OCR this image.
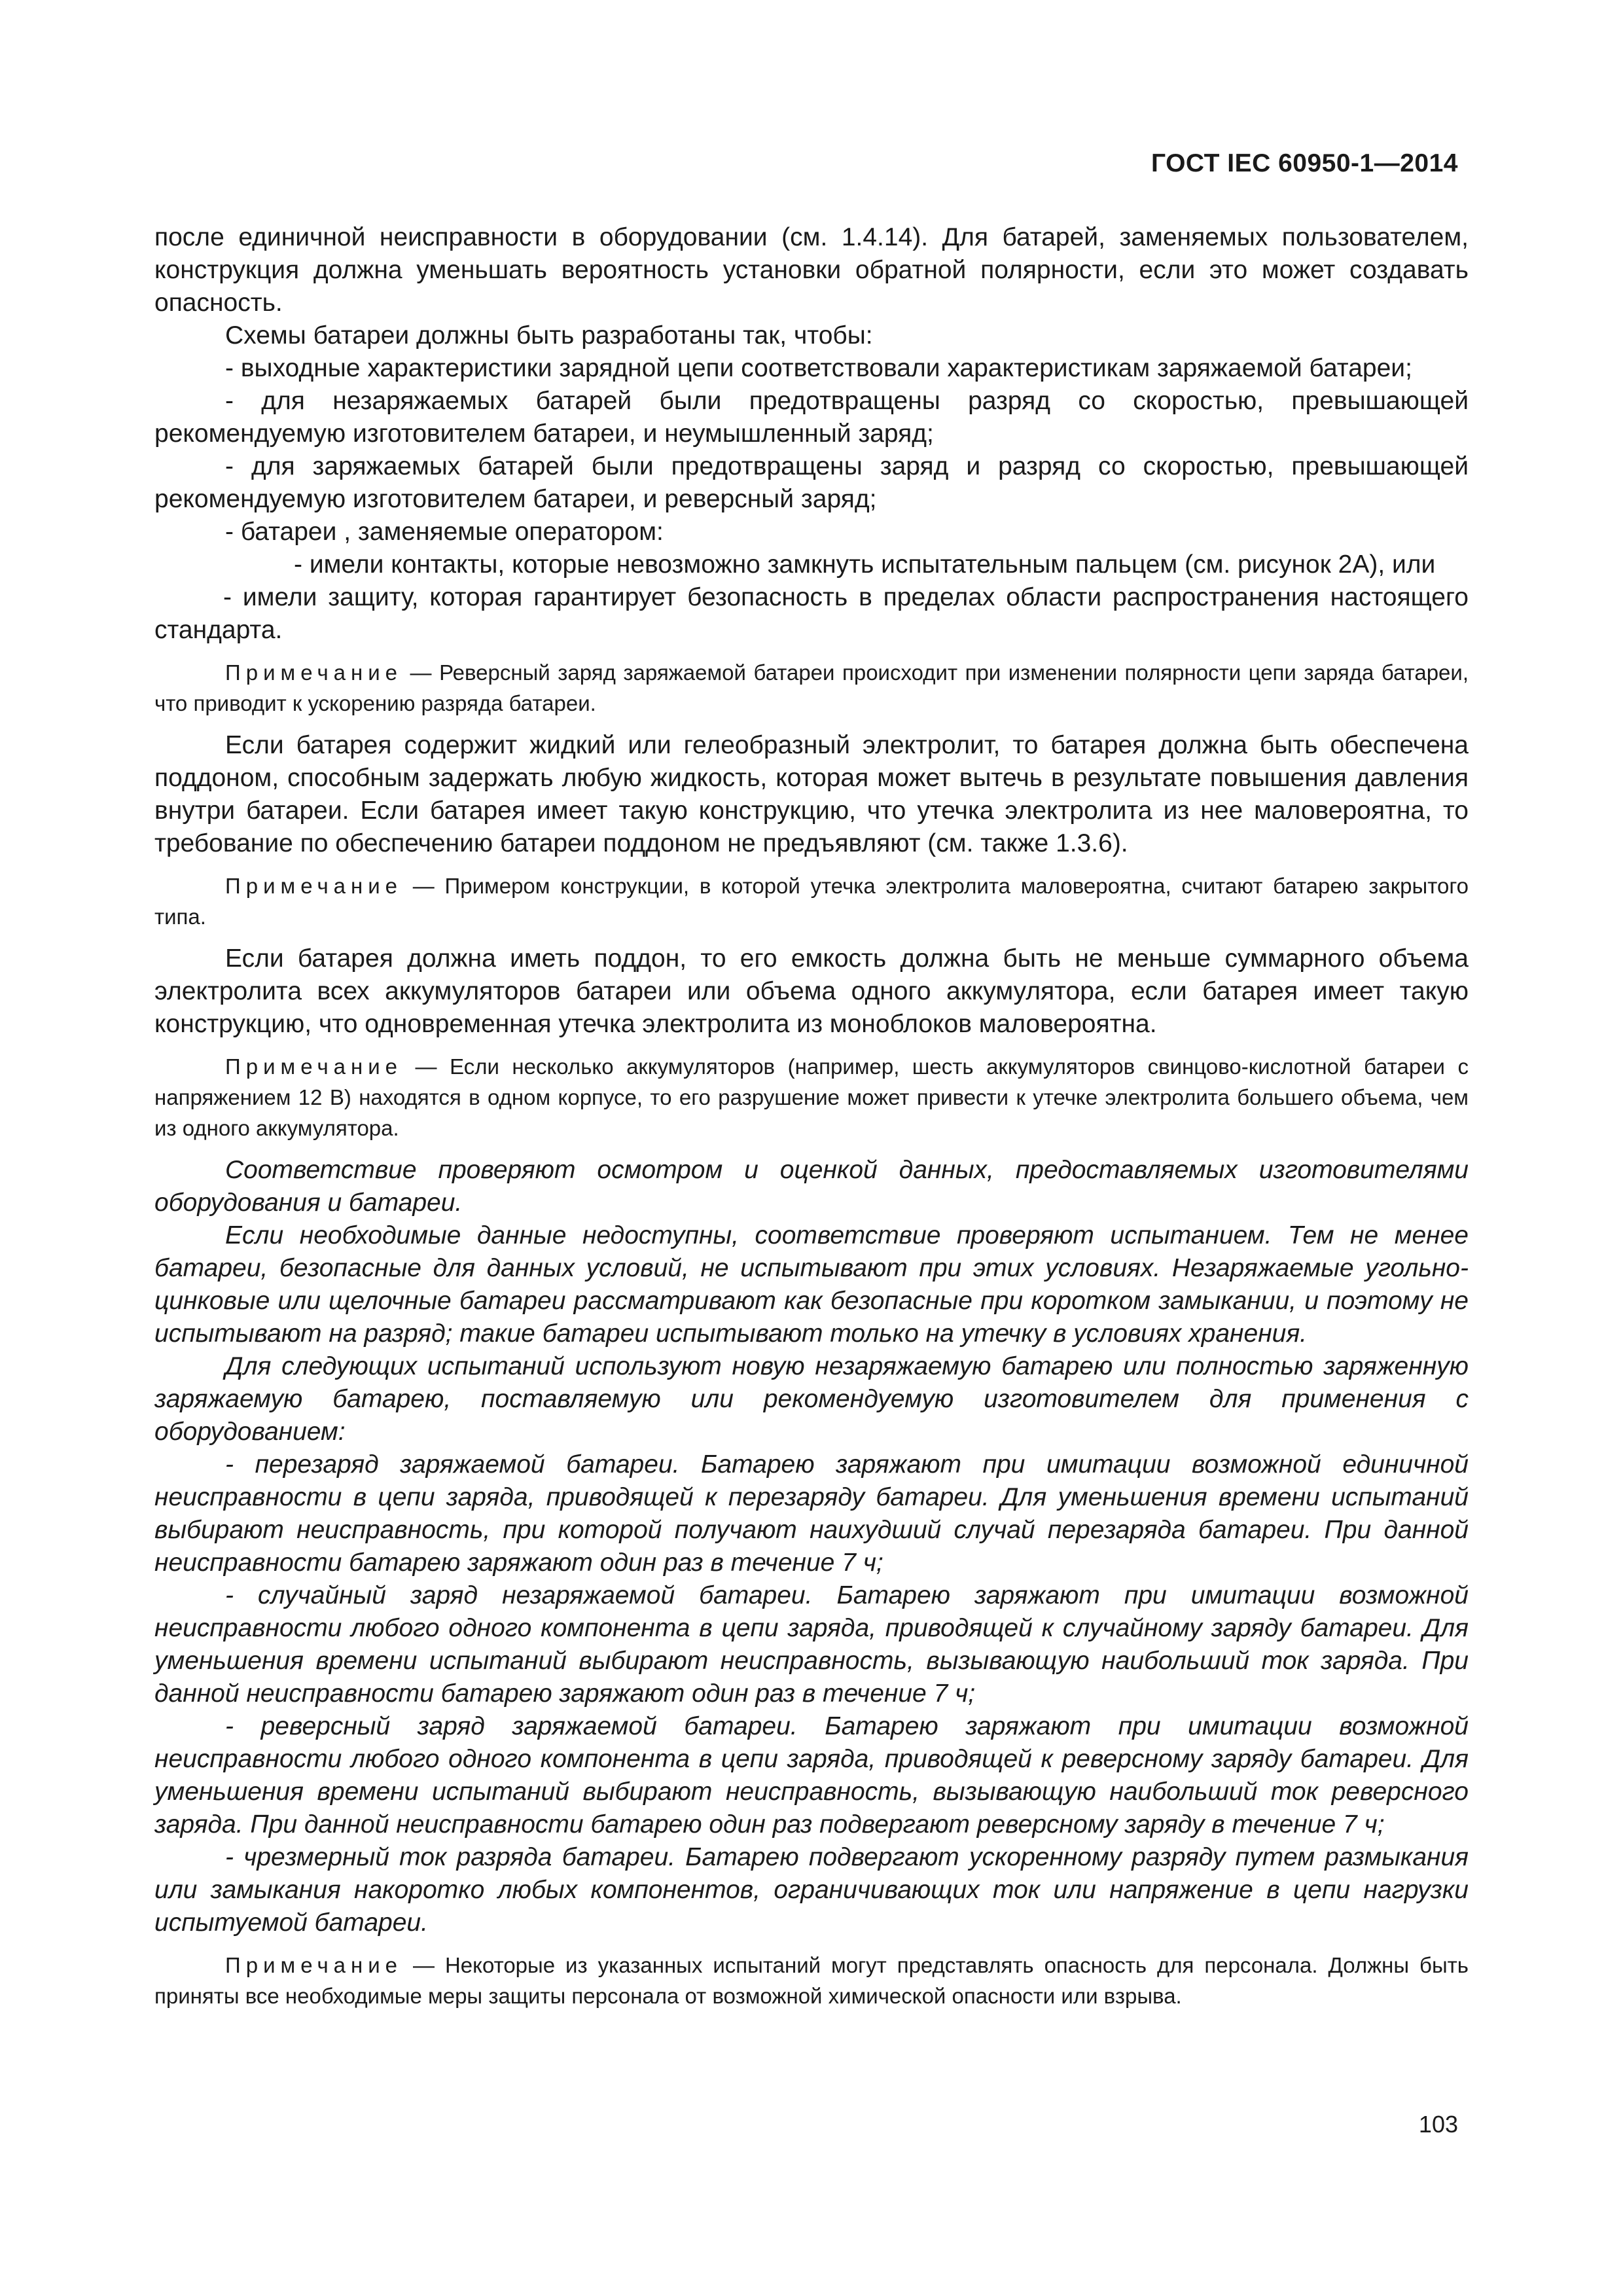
ГОСТ IEC 60950-1—2014

после единичной неисправности в оборудовании (см. 1.4.14). Для батарей, заменяемых пользователем, конструкция должна уменьшать вероятность установки обратной полярности, если это может создавать опасность.

Схемы батареи должны быть разработаны так, чтобы:

- выходные характеристики зарядной цепи соответствовали характеристикам заряжаемой батареи;

- для незаряжаемых батарей были предотвращены разряд со скоростью, превышающей рекомендуемую изготовителем батареи, и неумышленный заряд;

- для заряжаемых батарей были предотвращены заряд и разряд со скоростью, превышающей рекомендуемую изготовителем батареи, и реверсный заряд;

- батареи , заменяемые оператором:

- имели контакты, которые невозможно замкнуть испытательным пальцем (см. рисунок 2А), или

- имели защиту, которая гарантирует безопасность в пределах области распространения настоящего стандарта.

Примечание — Реверсный заряд заряжаемой батареи происходит при изменении полярности цепи заряда батареи, что приводит к ускорению разряда батареи.

Если батарея содержит жидкий или гелеобразный электролит, то батарея должна быть обеспечена поддоном, способным задержать любую жидкость, которая может вытечь в результате повышения давления внутри батареи. Если батарея имеет такую конструкцию, что утечка электролита из нее маловероятна, то требование по обеспечению батареи поддоном не предъявляют (см. также 1.3.6).

Примечание — Примером конструкции, в которой утечка электролита маловероятна, считают батарею закрытого типа.

Если батарея должна иметь поддон, то его емкость должна быть не меньше суммарного объема электролита всех аккумуляторов батареи или объема одного аккумулятора, если батарея имеет такую конструкцию, что одновременная утечка электролита из моноблоков маловероятна.

Примечание — Если несколько аккумуляторов (например, шесть аккумуляторов свинцово-кислотной батареи с напряжением 12 В) находятся в одном корпусе, то его разрушение может привести к утечке электролита большего объема, чем из одного аккумулятора.

Соответствие проверяют осмотром и оценкой данных, предоставляемых изготовителями оборудования и батареи.

Если необходимые данные недоступны, соответствие проверяют испытанием. Тем не менее батареи, безопасные для данных условий, не испытывают при этих условиях. Незаряжаемые угольно-цинковые или щелочные батареи рассматривают как безопасные при коротком замыкании, и поэтому не испытывают на разряд; такие батареи испытывают только на утечку в условиях хранения.

Для следующих испытаний используют новую незаряжаемую батарею или полностью заряженную заряжаемую батарею, поставляемую или рекомендуемую изготовителем для применения с оборудованием:

- перезаряд заряжаемой батареи. Батарею заряжают при имитации возможной единичной неисправности в цепи заряда, приводящей к перезаряду батареи. Для уменьшения времени испытаний выбирают неисправность, при которой получают наихудший случай перезаряда батареи. При данной неисправности батарею заряжают один раз в течение 7 ч;

- случайный заряд незаряжаемой батареи. Батарею заряжают при имитации возможной неисправности любого одного компонента в цепи заряда, приводящей к случайному заряду батареи. Для уменьшения времени испытаний выбирают неисправность, вызывающую наибольший ток заряда. При данной неисправности батарею заряжают один раз в течение 7 ч;

- реверсный заряд заряжаемой батареи. Батарею заряжают при имитации возможной неисправности любого одного компонента в цепи заряда, приводящей к реверсному заряду батареи. Для уменьшения времени испытаний выбирают неисправность, вызывающую наибольший ток реверсного заряда. При данной неисправности батарею один раз подвергают реверсному заряду в течение 7 ч;

- чрезмерный ток разряда батареи. Батарею подвергают ускоренному разряду путем размыкания или замыкания накоротко любых компонентов, ограничивающих ток или напряжение в цепи нагрузки испытуемой батареи.

Примечание — Некоторые из указанных испытаний могут представлять опасность для персонала. Должны быть приняты все необходимые меры защиты персонала от возможной химической опасности или взрыва.

103
